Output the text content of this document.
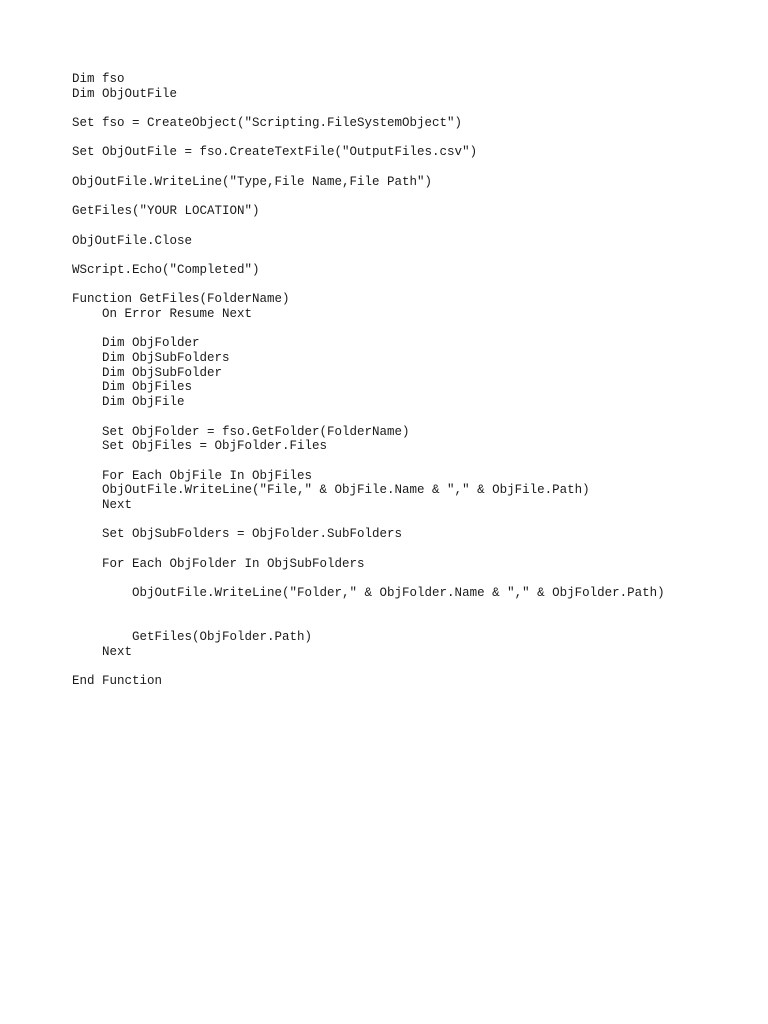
Dim fso
Dim ObjOutFile
Set fso = CreateObject("Scripting.FileSystemObject")
Set ObjOutFile = fso.CreateTextFile("OutputFiles.csv")
ObjOutFile.WriteLine("Type,File Name,File Path")
GetFiles("YOUR LOCATION")
ObjOutFile.Close
WScript.Echo("Completed")
Function GetFiles(FolderName)
On Error Resume Next
Dim ObjFolder
Dim ObjSubFolders
Dim ObjSubFolder
Dim ObjFiles
Dim ObjFile
Set ObjFolder = fso.GetFolder(FolderName)
Set ObjFiles = ObjFolder.Files
For Each ObjFile In ObjFiles
ObjOutFile.WriteLine("File," & ObjFile.Name & "," & ObjFile.Path)
Next
Set ObjSubFolders = ObjFolder.SubFolders
For Each ObjFolder In ObjSubFolders
ObjOutFile.WriteLine("Folder," & ObjFolder.Name & "," & ObjFolder.Path)
GetFiles(ObjFolder.Path)
Next
End Function
